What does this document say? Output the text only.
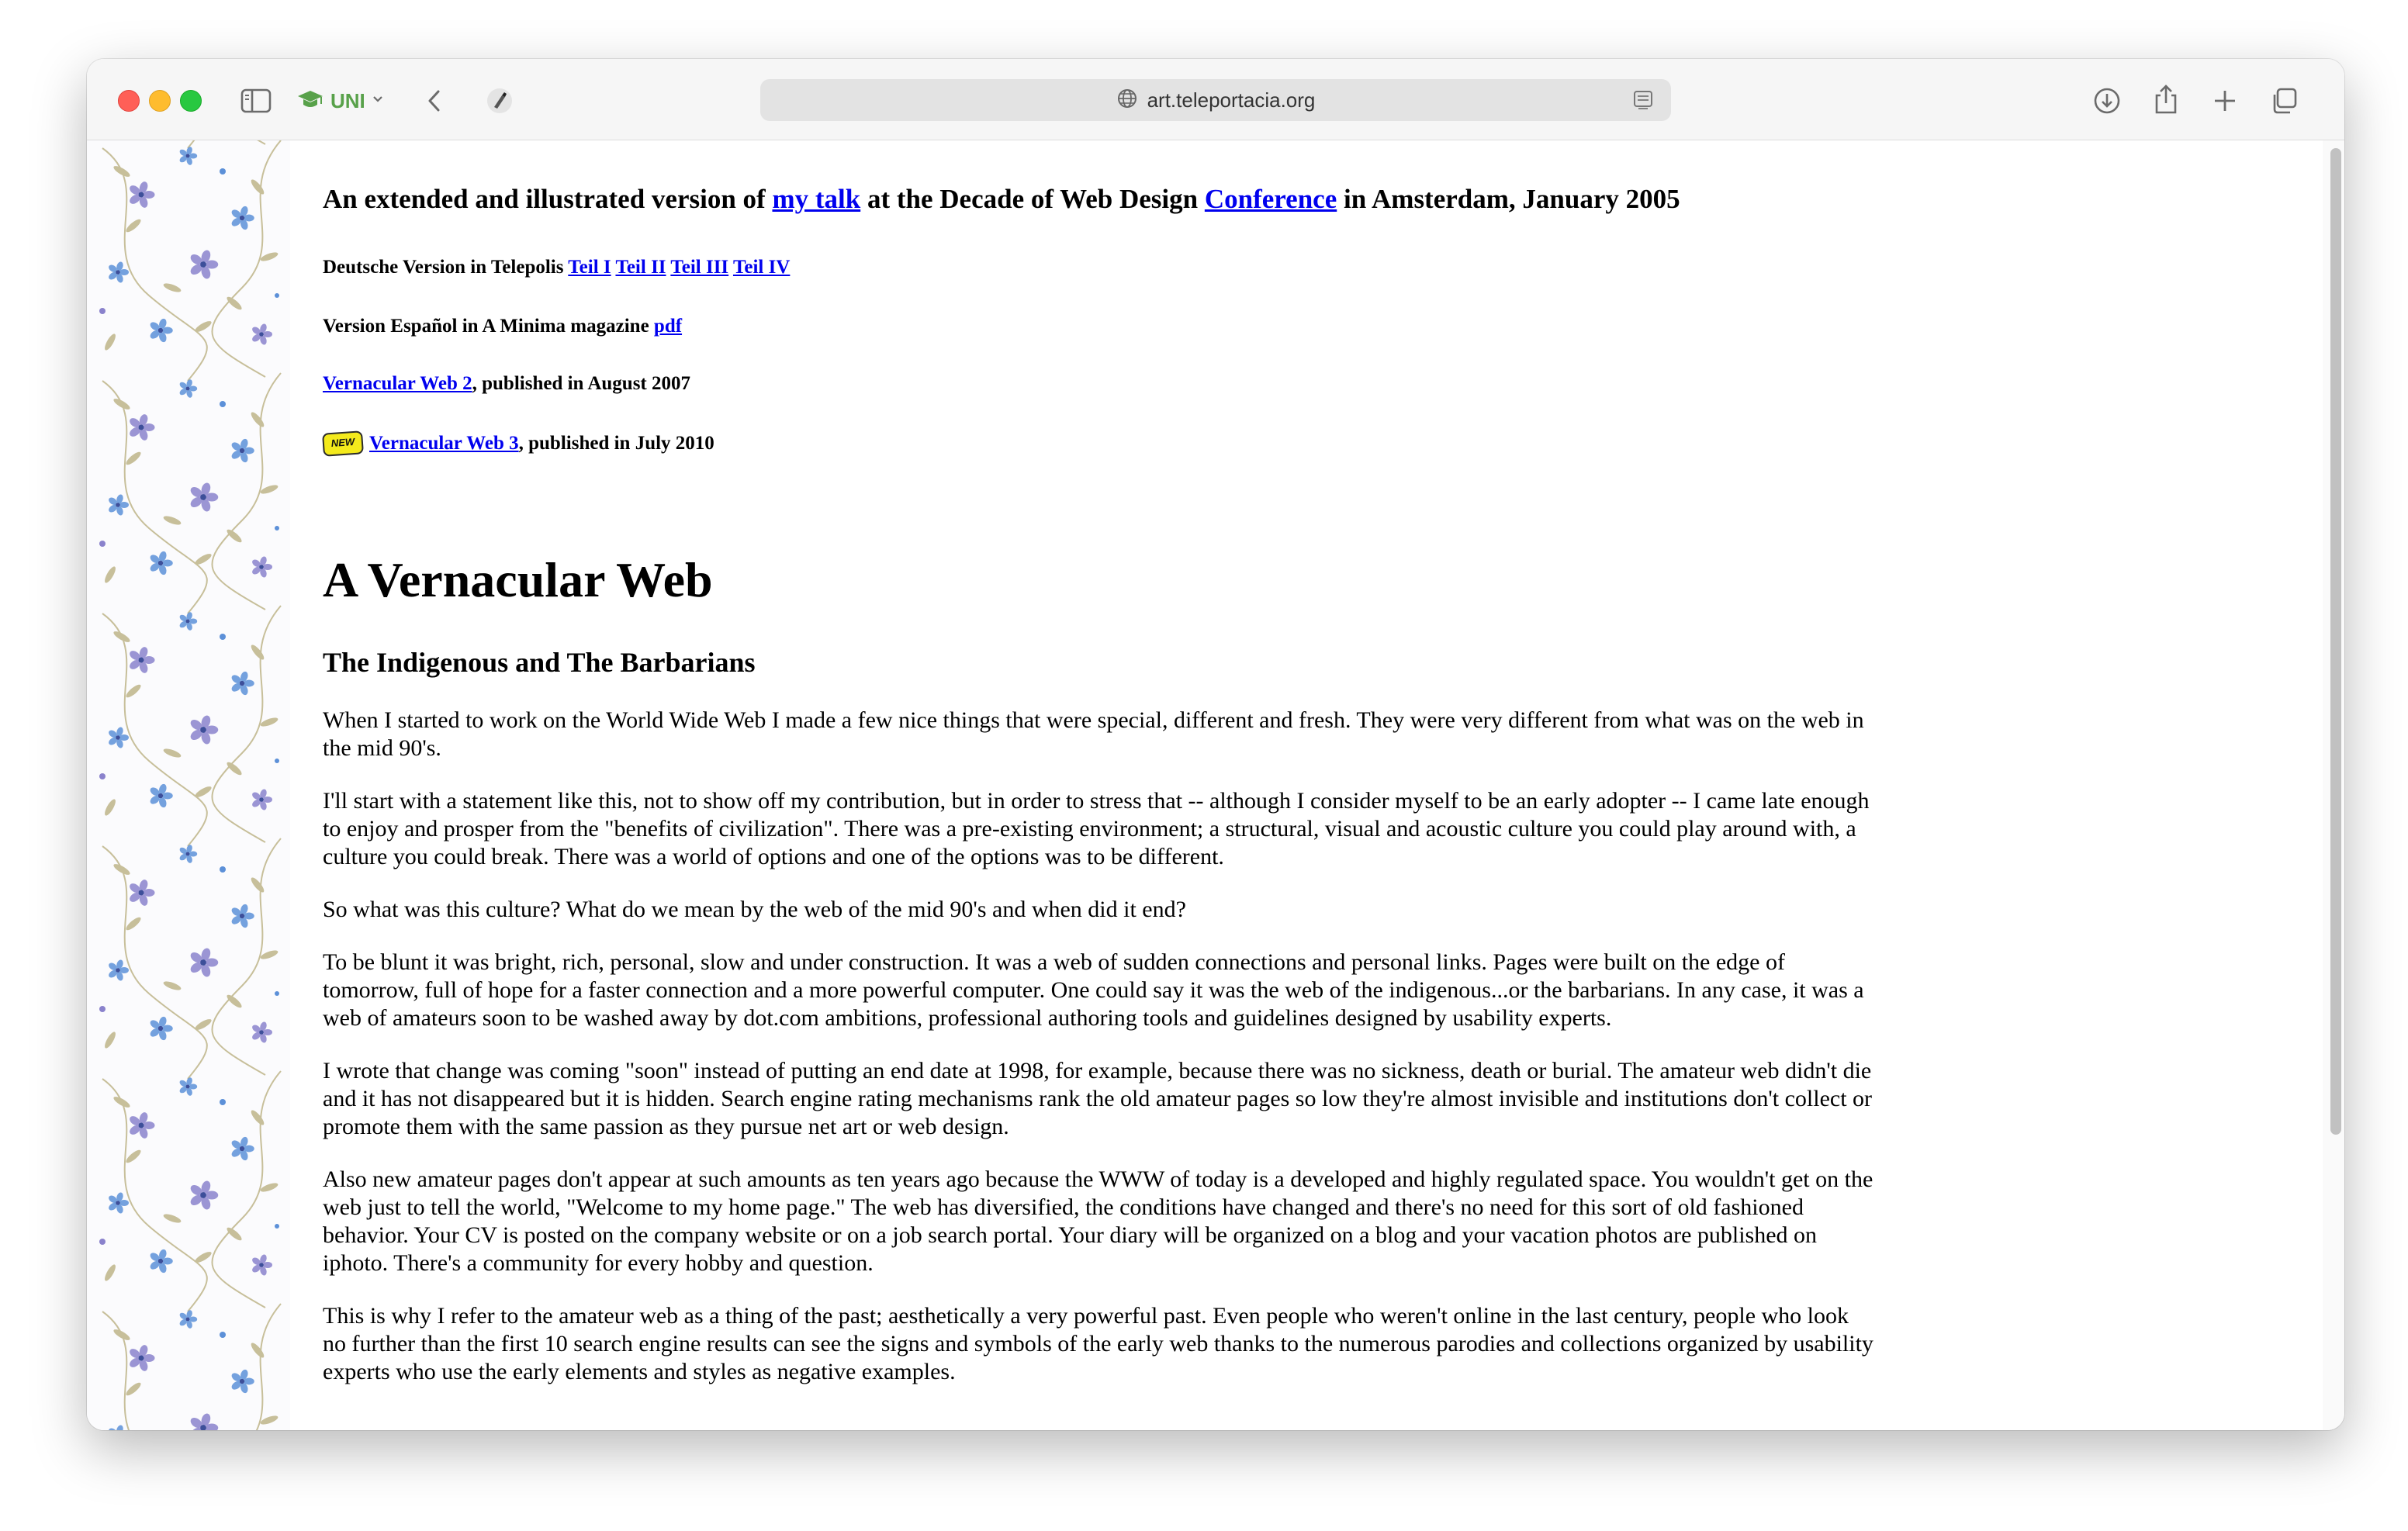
UNI	art.teleportacia.org
An extended and illustrated version of my talk at the Decade of Web Design Conference in Amsterdam, January 2005
Deutsche Version in Telepolis Teil I Teil II Teil III Teil IV
Version Español in A Minima magazine pdf
Vernacular Web 2, published in August 2007
NEW Vernacular Web 3 , published in July 2010
A Vernacular Web
The Indigenous and The Barbarians

When I started to work on the World Wide Web I made a few nice things that were special, different and fresh. They were very different from what was on the web in the mid 90's.

I'll start with a statement like this, not to show off my contribution, but in order to stress that -- although I consider myself to be an early adopter -- I came late enough to enjoy and prosper from the "benefits of civilization". There was a pre-existing environment; a structural, visual and acoustic culture you could play around with, a culture you could break. There was a world of options and one of the options was to be different.

So what was this culture? What do we mean by the web of the mid 90's and when did it end?

To be blunt it was bright, rich, personal, slow and under construction. It was a web of sudden connections and personal links. Pages were built on the edge of tomorrow, full of hope for a faster connection and a more powerful computer. One could say it was the web of the indigenous...or the barbarians. In any case, it was a web of amateurs soon to be washed away by dot.com ambitions, professional authoring tools and guidelines designed by usability experts.

I wrote that change was coming "soon" instead of putting an end date at 1998, for example, because there was no sickness, death or burial. The amateur web didn't die and it has not disappeared but it is hidden. Search engine rating mechanisms rank the old amateur pages so low they're almost invisible and institutions don't collect or promote them with the same passion as they pursue net art or web design.

Also new amateur pages don't appear at such amounts as ten years ago because the WWW of today is a developed and highly regulated space. You wouldn't get on the web just to tell the world, "Welcome to my home page." The web has diversified, the conditions have changed and there's no need for this sort of old fashioned behavior. Your CV is posted on the company website or on a job search portal. Your diary will be organized on a blog and your vacation photos are published on iphoto. There's a community for every hobby and question.

This is why I refer to the amateur web as a thing of the past; aesthetically a very powerful past. Even people who weren't online in the last century, people who look no further than the first 10 search engine results can see the signs and symbols of the early web thanks to the numerous parodies and collections organized by usability experts who use the early elements and styles as negative examples.
